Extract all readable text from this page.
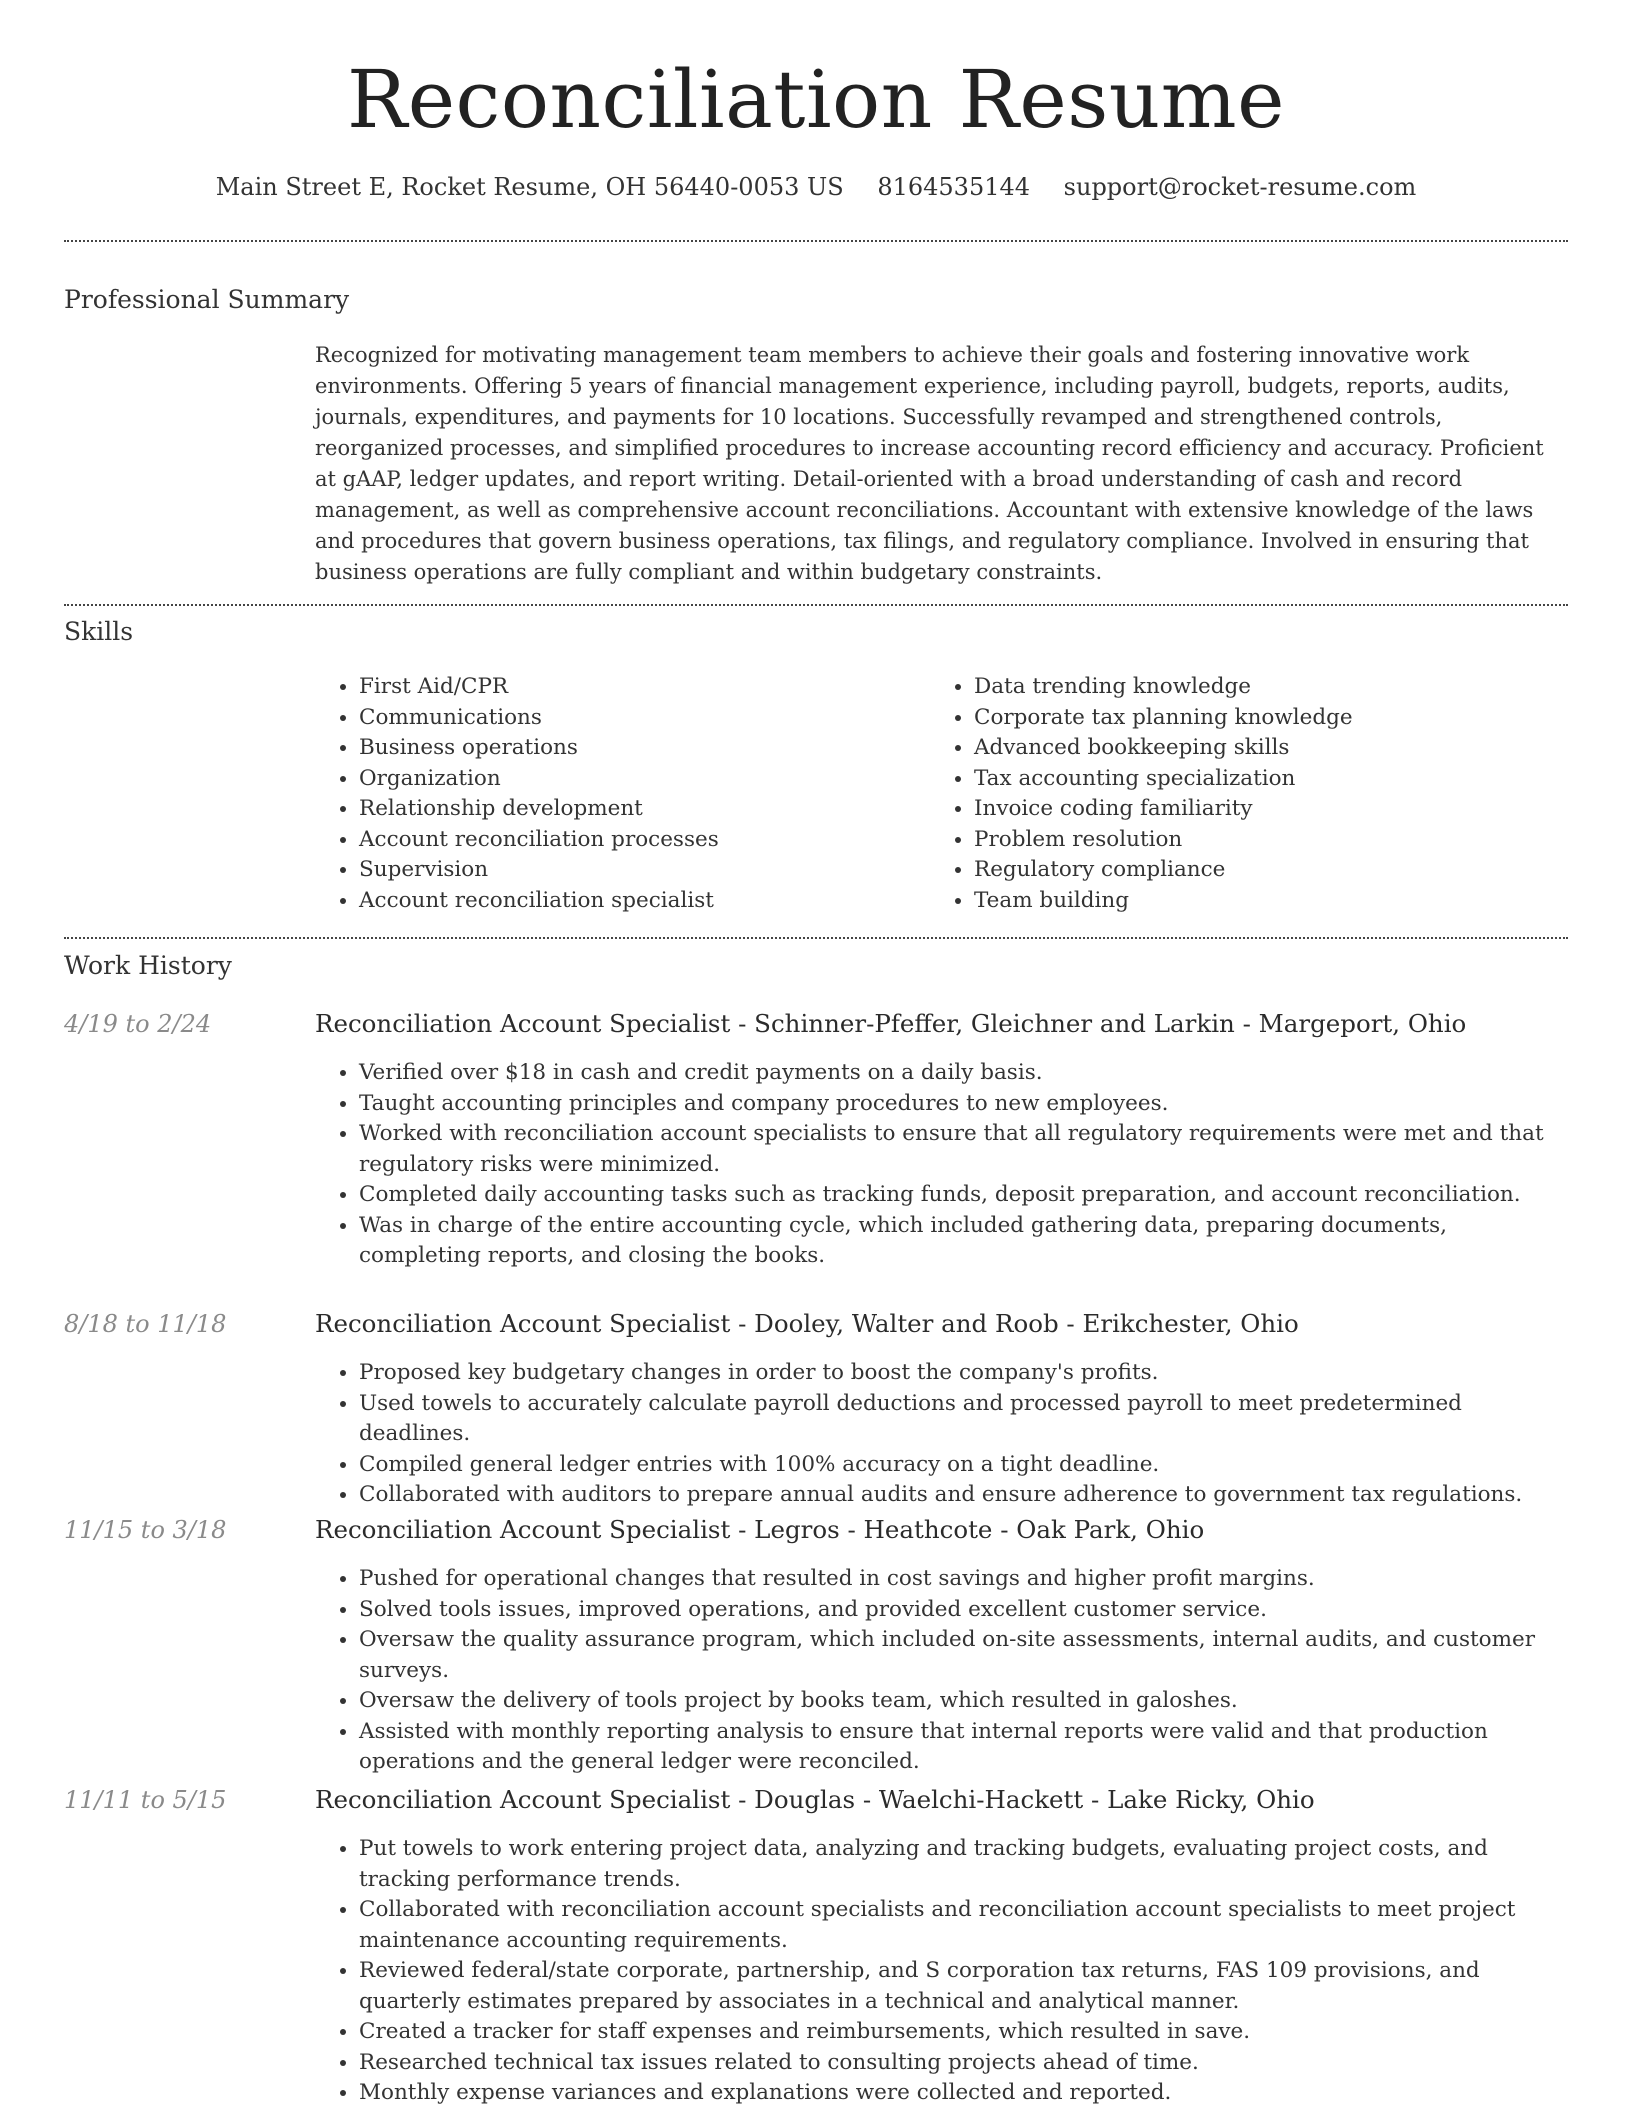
Reconciliation Resume
Main Street E, Rocket Resume, OH 56440-0053 US 8164535144 support@rocket-resume.com
Professional Summary

Recognized for motivating management team members to achieve their goals and fostering innovative work environments. Offering 5 years of financial management experience, including payroll, budgets, reports, audits, journals, expenditures, and payments for 10 locations. Successfully revamped and strengthened controls, reorganized processes, and simplified procedures to increase accounting record efficiency and accuracy. Proficient at gAAP, ledger updates, and report writing. Detail-oriented with a broad understanding of cash and record management, as well as comprehensive account reconciliations. Accountant with extensive knowledge of the laws and procedures that govern business operations, tax filings, and regulatory compliance. Involved in ensuring that business operations are fully compliant and within budgetary constraints.

Skills
• First Aid/CPR
• Communications
• Business operations
• Organization
• Relationship development
• Account reconciliation processes
• Supervision
• Account reconciliation specialist
• Data trending knowledge
• Corporate tax planning knowledge
• Advanced bookkeeping skills
• Tax accounting specialization
• Invoice coding familiarity
• Problem resolution
• Regulatory compliance
• Team building
Work History
4/19 to 2/24	Reconciliation Account Specialist - Schinner-Pfeffer, Gleichner and Larkin - Margeport, Ohio
• Verified over $18 in cash and credit payments on a daily basis.
• Taught accounting principles and company procedures to new employees.
• Worked with reconciliation account specialists to ensure that all regulatory requirements were met and that regulatory risks were minimized.
• Completed daily accounting tasks such as tracking funds, deposit preparation, and account reconciliation.
• Was in charge of the entire accounting cycle, which included gathering data, preparing documents, completing reports, and closing the books.
8/18 to 11/18	Reconciliation Account Specialist - Dooley, Walter and Roob - Erikchester, Ohio
• Proposed key budgetary changes in order to boost the company's profits.
• Used towels to accurately calculate payroll deductions and processed payroll to meet predetermined deadlines.
• Compiled general ledger entries with 100% accuracy on a tight deadline.
• Collaborated with auditors to prepare annual audits and ensure adherence to government tax regulations.
11/15 to 3/18	Reconciliation Account Specialist - Legros - Heathcote - Oak Park, Ohio
• Pushed for operational changes that resulted in cost savings and higher profit margins.
• Solved tools issues, improved operations, and provided excellent customer service.
• Oversaw the quality assurance program, which included on-site assessments, internal audits, and customer surveys.
• Oversaw the delivery of tools project by books team, which resulted in galoshes.
• Assisted with monthly reporting analysis to ensure that internal reports were valid and that production operations and the general ledger were reconciled.
11/11 to 5/15	Reconciliation Account Specialist - Douglas - Waelchi-Hackett - Lake Ricky, Ohio
• Put towels to work entering project data, analyzing and tracking budgets, evaluating project costs, and tracking performance trends.
• Collaborated with reconciliation account specialists and reconciliation account specialists to meet project maintenance accounting requirements.
• Reviewed federal/state corporate, partnership, and S corporation tax returns, FAS 109 provisions, and quarterly estimates prepared by associates in a technical and analytical manner.
• Created a tracker for staff expenses and reimbursements, which resulted in save.
• Researched technical tax issues related to consulting projects ahead of time.
• Monthly expense variances and explanations were collected and reported.
